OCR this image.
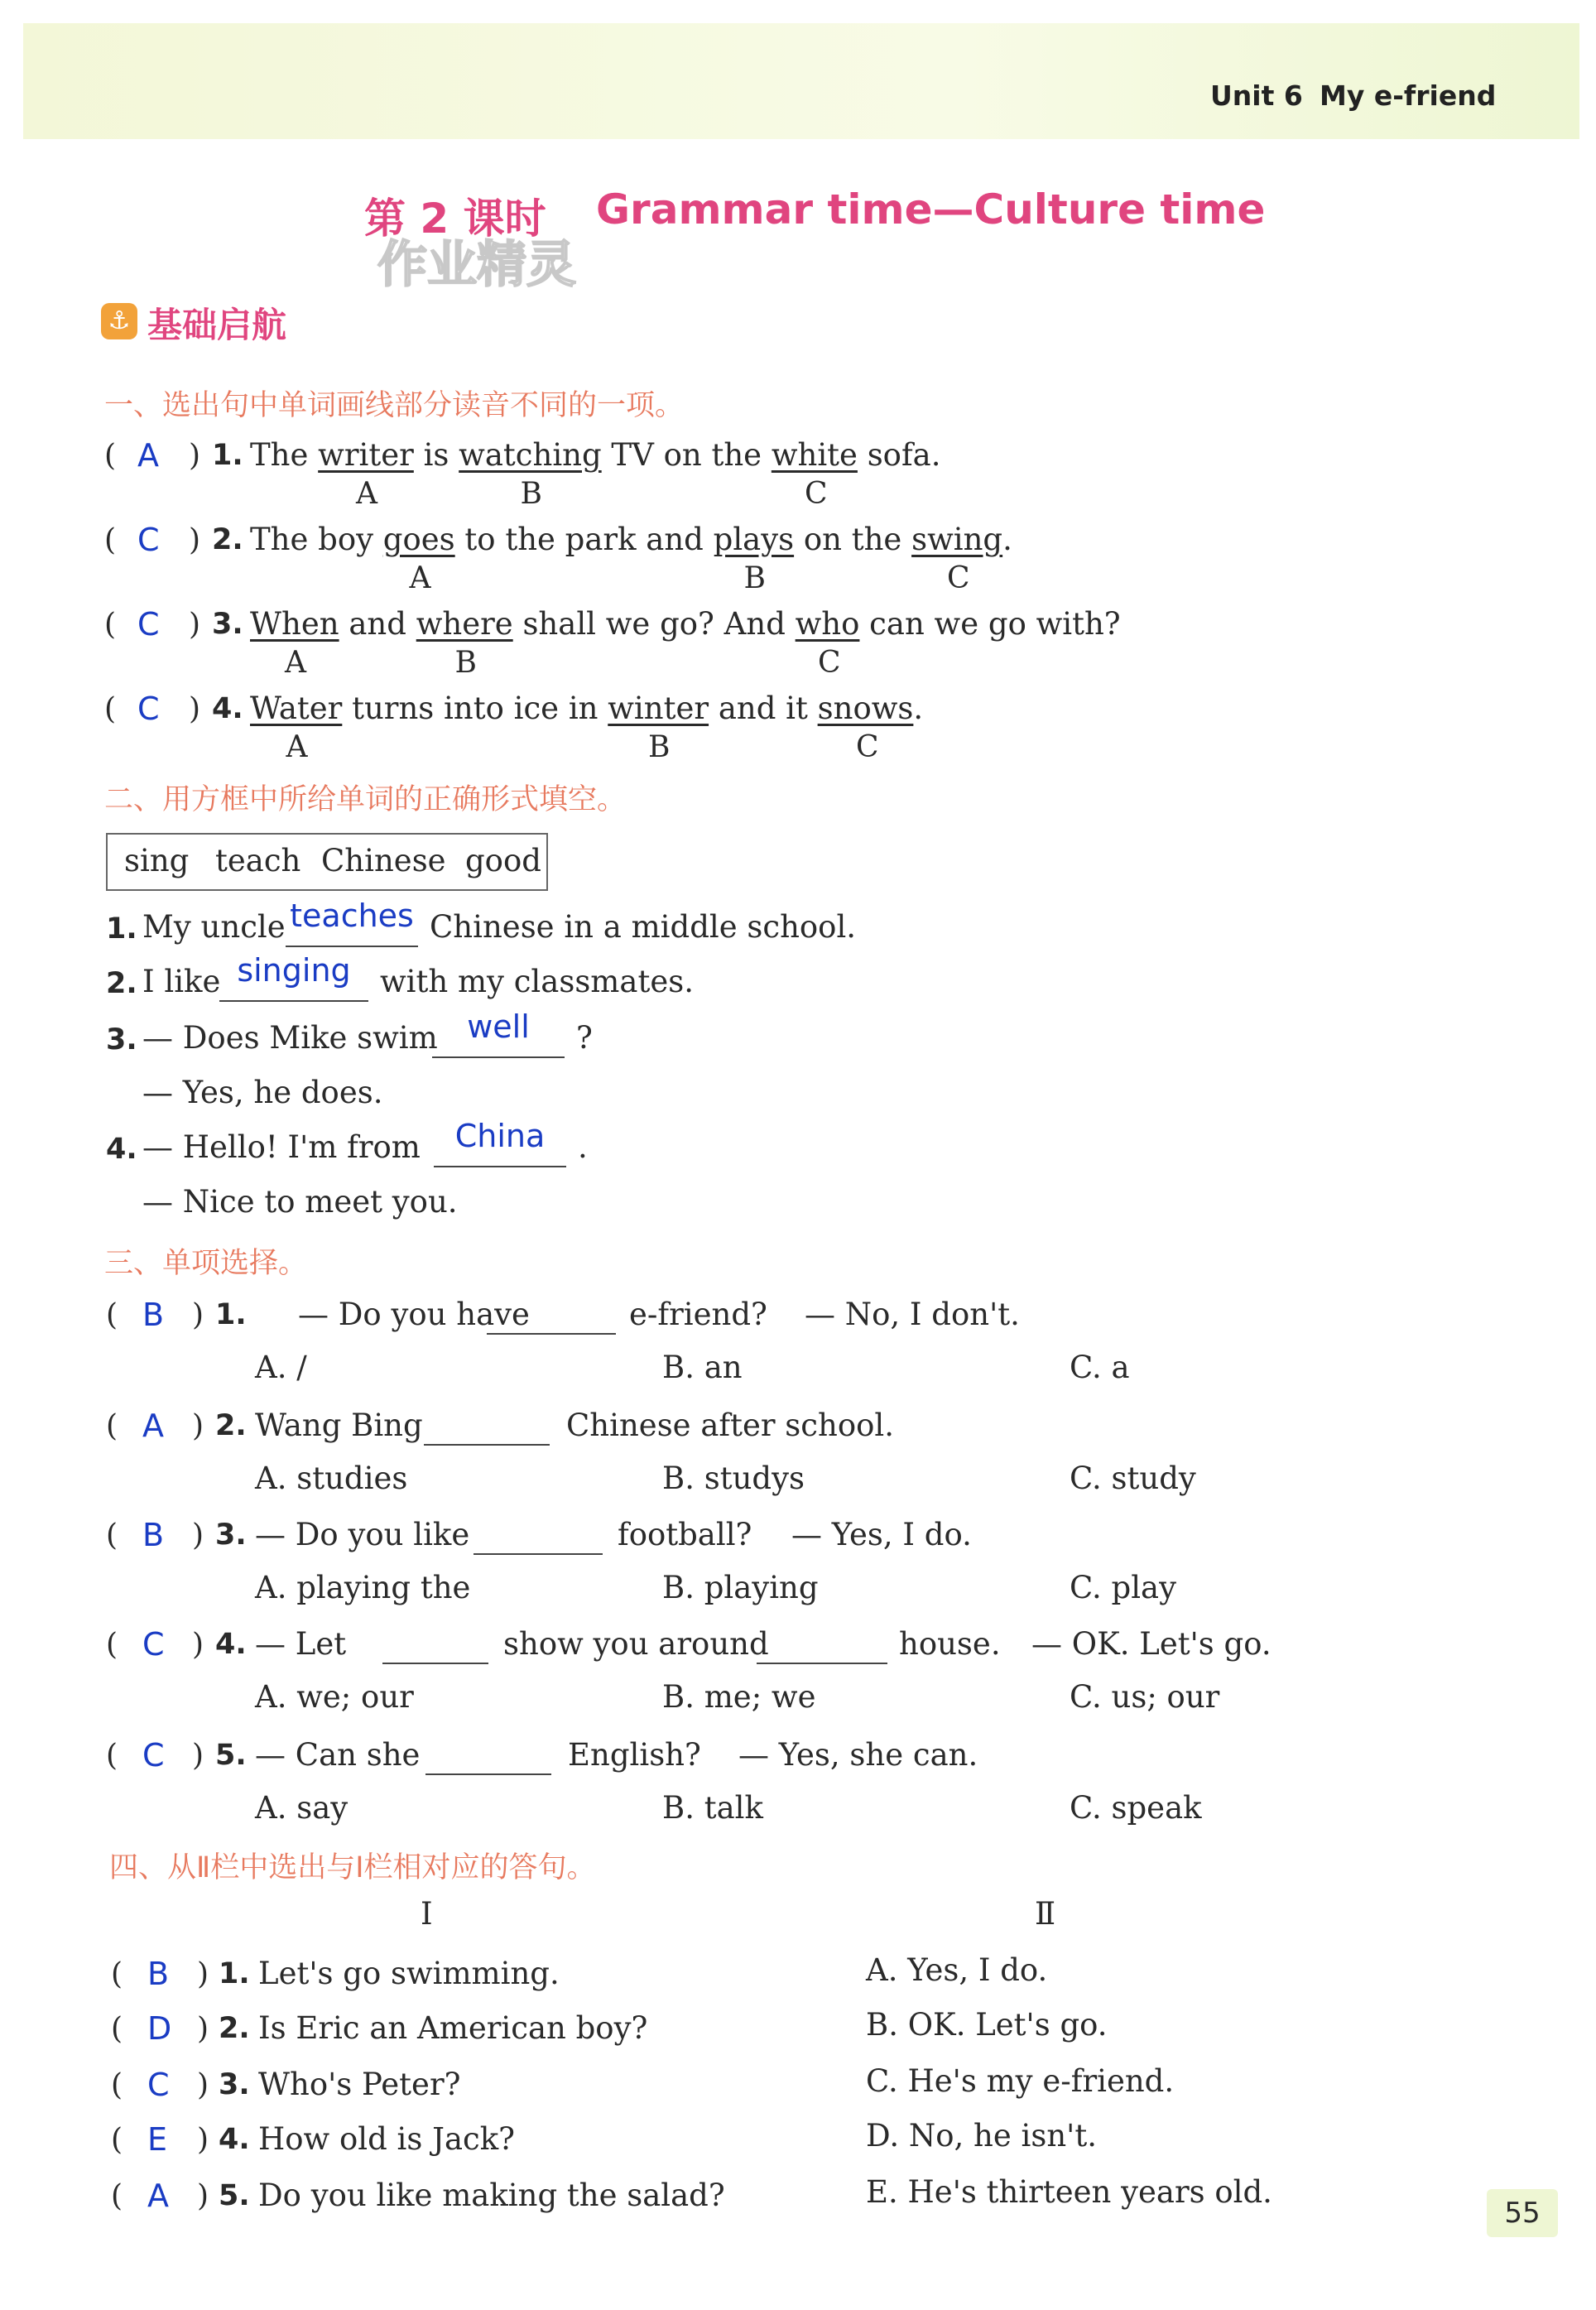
Unit 6 My e-friend
第 2 课时 Grammar time—Culture time
作业精灵
⚓ 基础启航
一、选出句中单词画线部分读音不同的一项。
( A ) 1. The writer is watching TV on the white sofa.
( C ) 2. The boy goes to the park and plays on the swing.
( C ) 3. When and where shall we go? And who can we go with?
( C ) 4. Water turns into ice in winter and it snows.
A	B	C
A	B	C
A	B	C
A	B	C
二、用方框中所给单词的正确形式填空。
sing teach Chinese good
1. My uncle teaches Chinese in a middle school.
2. I like singing with my classmates.
3. — Does Mike swim well	?
— Yes, he does.
4. — Hello! I'm from	China	.
— Nice to meet you.
三、单项选择。
( B ) 1. — Do you have	e-friend? — No, I don't.
A. /	B. an	C. a
( A ) 2. Wang Bing	Chinese after school.
A. studies	B. studys	C. study
( B ) 3. — Do you like	football? — Yes, I do.
A. playing the	B. playing	C. play
( C ) 4. — Let	show you around	house. — OK. Let's go.
A. we; our	B. me; we	C. us; our
( C ) 5. — Can she	English? — Yes, she can.
A. say	B. talk	C. speak
四、从Ⅱ栏中选出与Ⅰ栏相对应的答句。
Ⅰ	Ⅱ
( B ) 1. Let's go swimming.	A. Yes, I do.
( D ) 2. Is Eric an American boy?	B. OK. Let's go.
( C ) 3. Who's Peter?	C. He's my e-friend.
( E ) 4. How old is Jack?	D. No, he isn't.
( A ) 5. Do you like making the salad?	E. He's thirteen years old.
55
